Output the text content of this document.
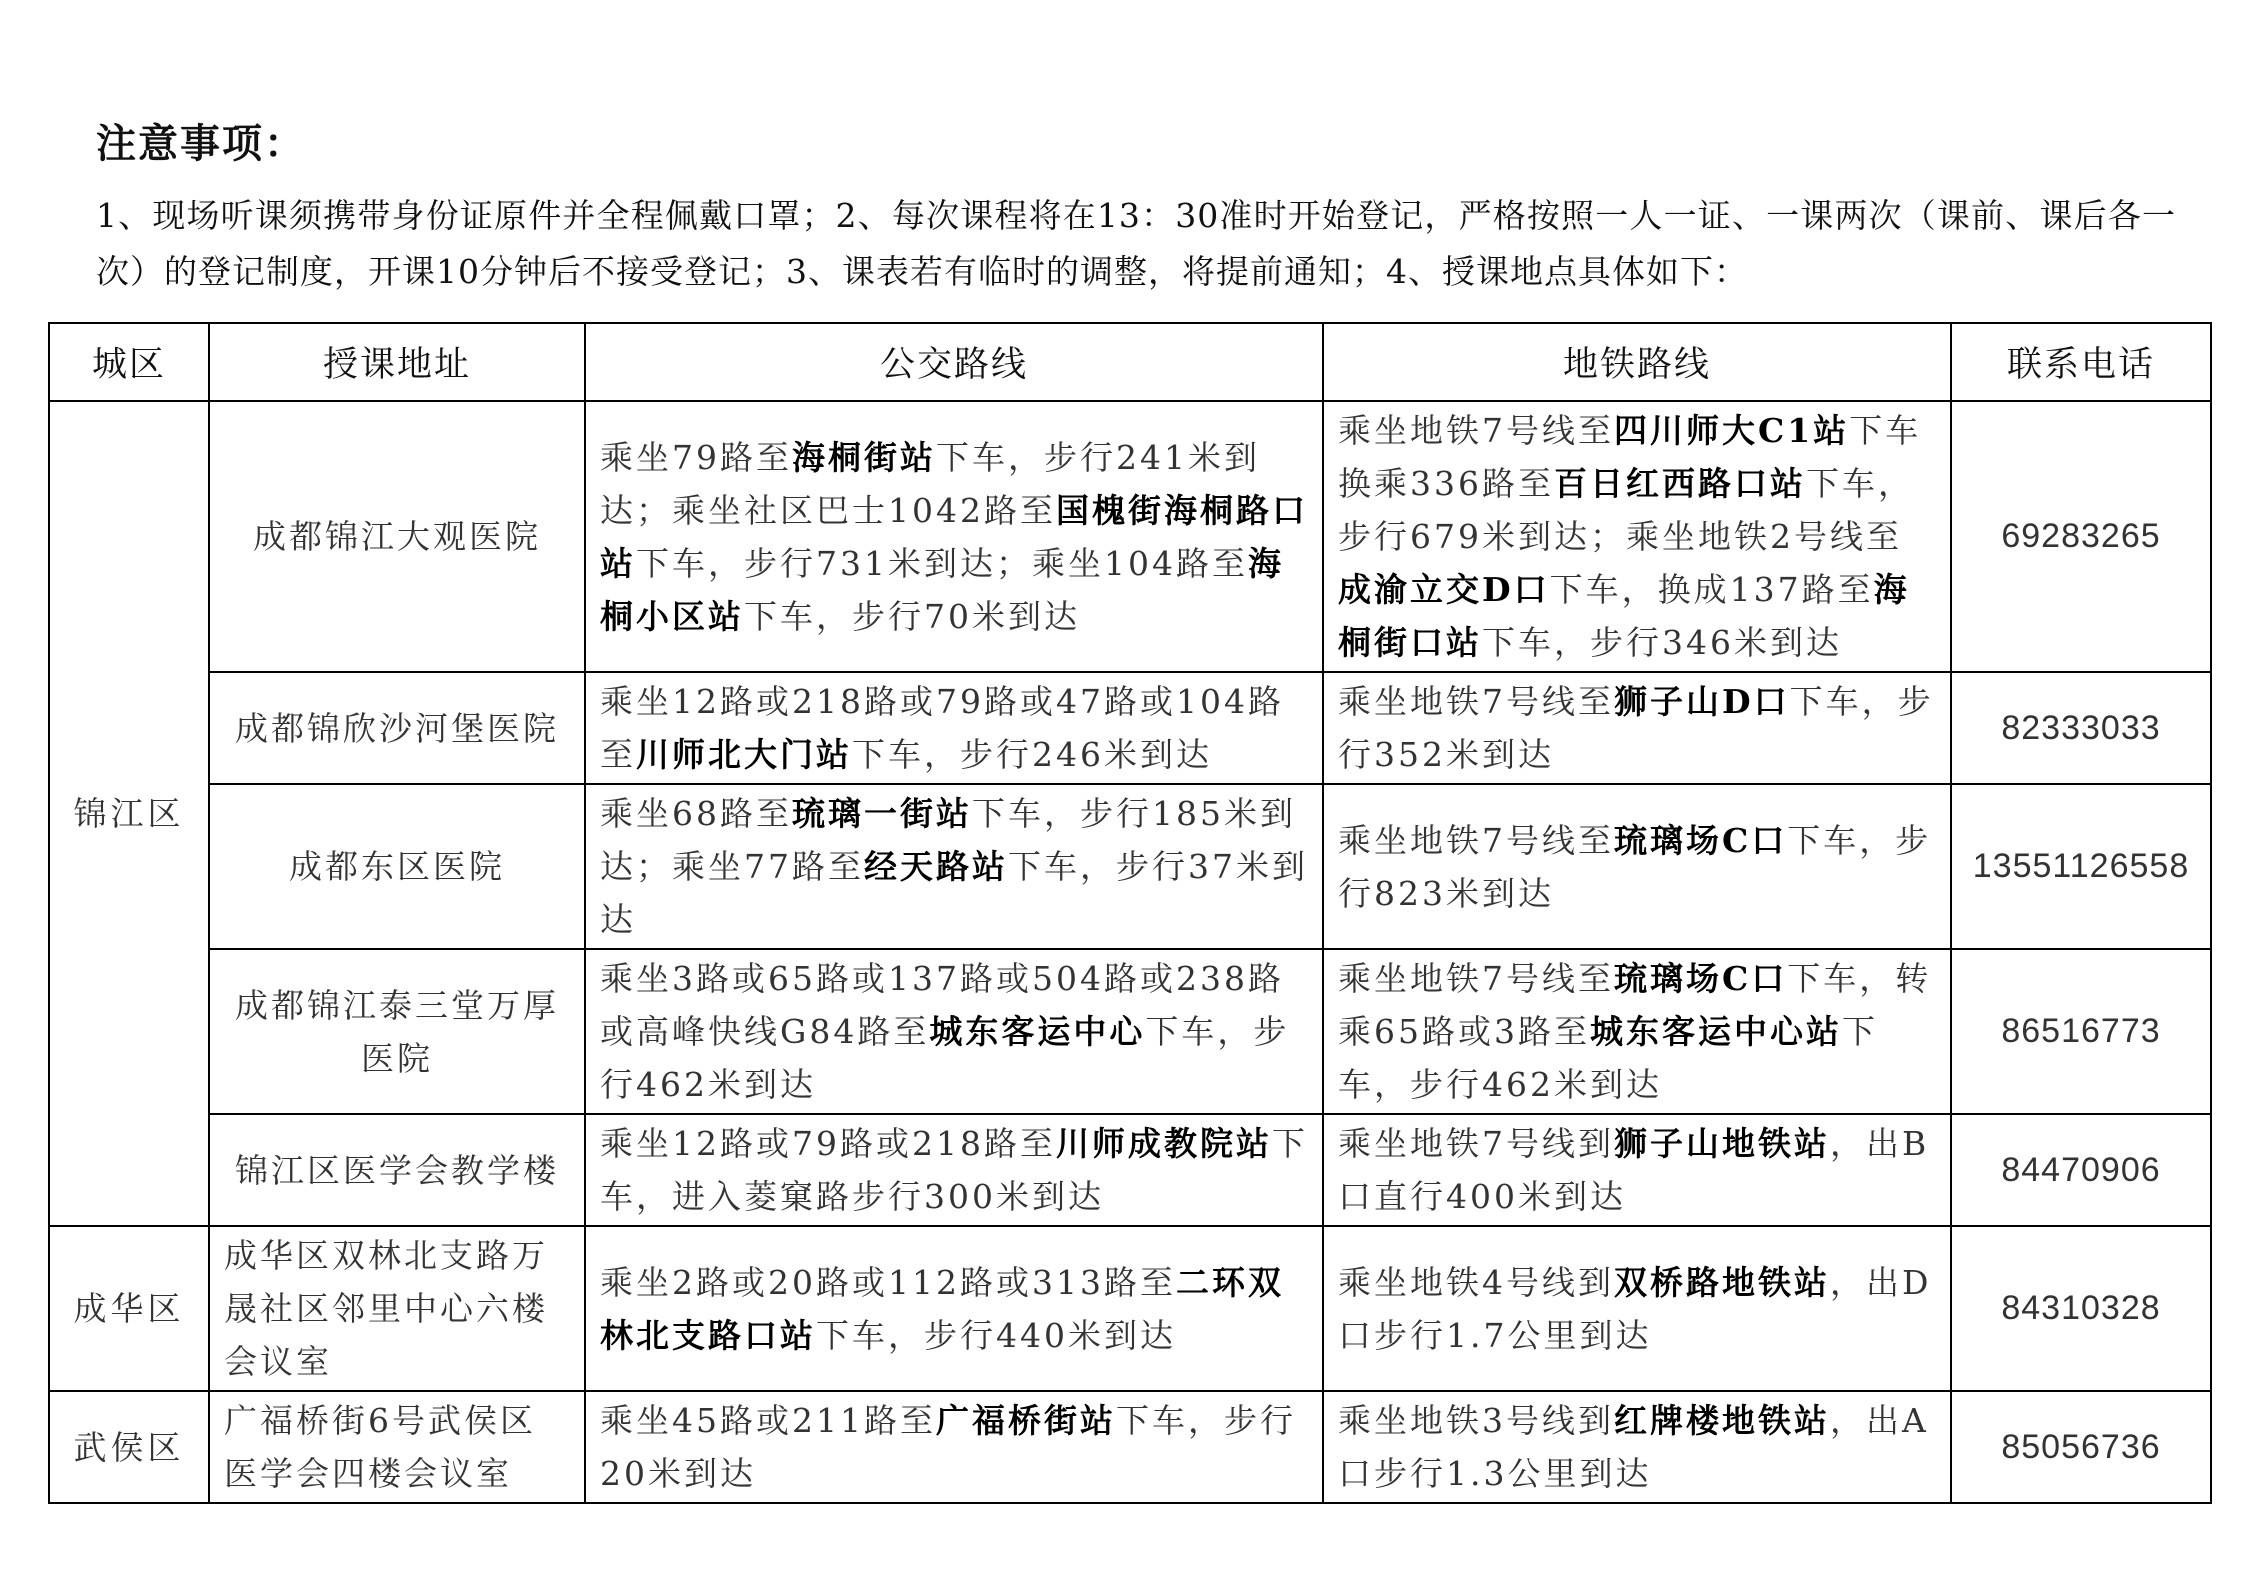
注意事项：
1、现场听课须携带身份证原件并全程佩戴口罩；2、每次课程将在13：30准时开始登记，严格按照一人一证、一课两次（课前、课后各一次）的登记制度，开课10分钟后不接受登记；3、课表若有临时的调整，将提前通知；4、授课地点具体如下：
城区	授课地址	公交路线	地铁路线	联系电话
锦江区	成都锦江大观医院	乘坐79路至海桐街站下车，步行241米到达；乘坐社区巴士1042路至国槐街海桐路口站下车，步行731米到达；乘坐104路至海桐小区站下车，步行70米到达	乘坐地铁7号线至四川师大C1站下车换乘336路至百日红西路口站下车，步行679米到达；乘坐地铁2号线至成渝立交D口下车，换成137路至海桐街口站下车，步行346米到达	69283265
	成都锦欣沙河堡医院	乘坐12路或218路或79路或47路或104路至川师北大门站下车，步行246米到达	乘坐地铁7号线至狮子山D口下车，步行352米到达	82333033
	成都东区医院	乘坐68路至琉璃一街站下车，步行185米到达；乘坐77路至经天路站下车，步行37米到达	乘坐地铁7号线至琉璃场C口下车，步行823米到达	13551126558
	成都锦江泰三堂万厚医院	乘坐3路或65路或137路或504路或238路或高峰快线G84路至城东客运中心下车，步行462米到达	乘坐地铁7号线至琉璃场C口下车，转乘65路或3路至城东客运中心站下车，步行462米到达	86516773
	锦江区医学会教学楼	乘坐12路或79路或218路至川师成教院站下车，进入菱窠路步行300米到达	乘坐地铁7号线到狮子山地铁站，出B口直行400米到达	84470906
成华区	成华区双林北支路万晟社区邻里中心六楼会议室	乘坐2路或20路或112路或313路至二环双林北支路口站下车，步行440米到达	乘坐地铁4号线到双桥路地铁站，出D口步行1.7公里到达	84310328
武侯区	广福桥街6号武侯区医学会四楼会议室	乘坐45路或211路至广福桥街站下车，步行20米到达	乘坐地铁3号线到红牌楼地铁站，出A口步行1.3公里到达	85056736
